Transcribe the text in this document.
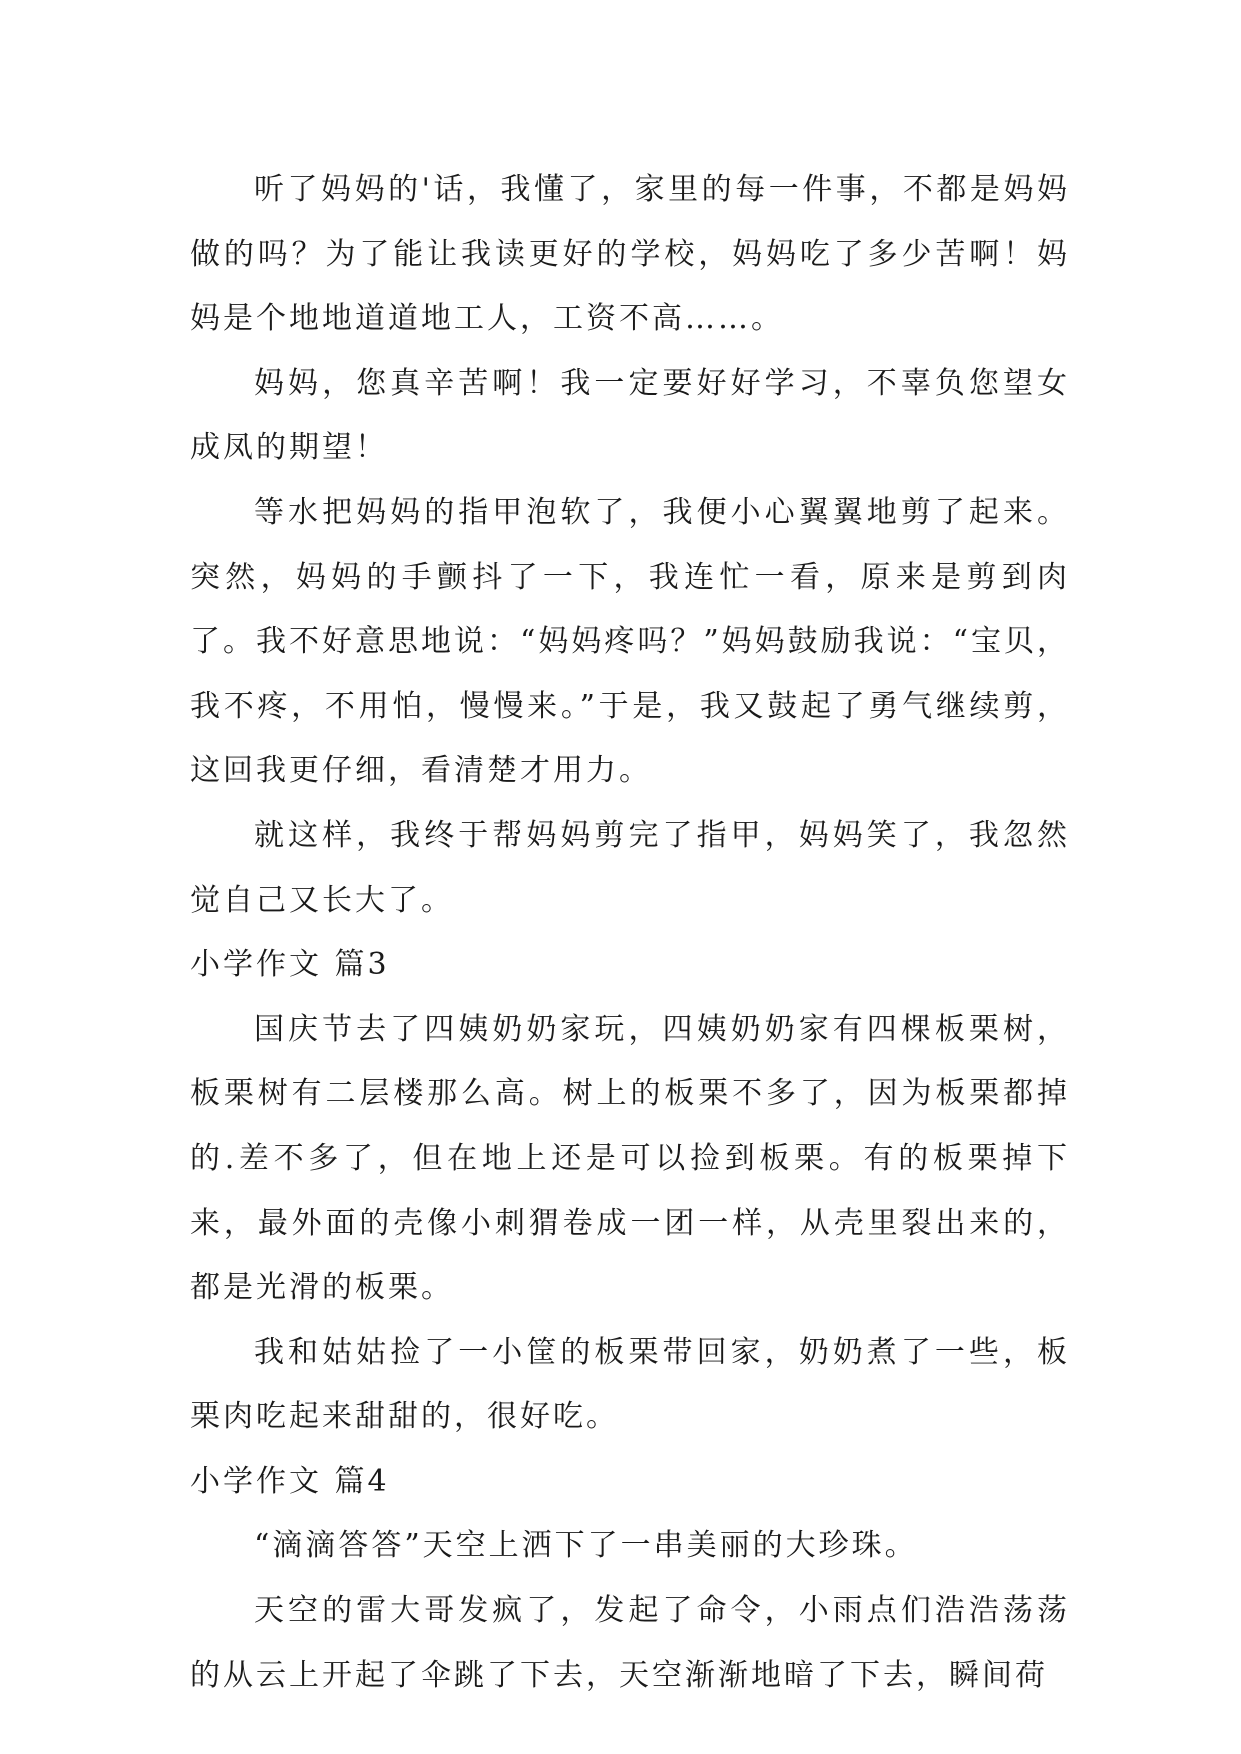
听了妈妈的'话，我懂了，家里的每一件事，不都是妈妈做的吗？为了能让我读更好的学校，妈妈吃了多少苦啊！妈妈是个地地道道地工人，工资不高……。

妈妈，您真辛苦啊！我一定要好好学习，不辜负您望女成凤的期望！

等水把妈妈的指甲泡软了，我便小心翼翼地剪了起来。突然，妈妈的手颤抖了一下，我连忙一看，原来是剪到肉了。我不好意思地说：“妈妈疼吗？”妈妈鼓励我说：“宝贝，我不疼，不用怕，慢慢来。”于是，我又鼓起了勇气继续剪，这回我更仔细，看清楚才用力。

就这样，我终于帮妈妈剪完了指甲，妈妈笑了，我忽然觉自己又长大了。

小学作文 篇3

国庆节去了四姨奶奶家玩，四姨奶奶家有四棵板栗树，板栗树有二层楼那么高。树上的板栗不多了，因为板栗都掉的.差不多了，但在地上还是可以捡到板栗。有的板栗掉下来，最外面的壳像小刺猬卷成一团一样，从壳里裂出来的，都是光滑的板栗。

我和姑姑捡了一小筐的板栗带回家，奶奶煮了一些，板栗肉吃起来甜甜的，很好吃。

小学作文 篇4

“滴滴答答”天空上洒下了一串美丽的大珍珠。

天空的雷大哥发疯了，发起了命令，小雨点们浩浩荡荡的从云上开起了伞跳了下去，天空渐渐地暗了下去，瞬间荷
